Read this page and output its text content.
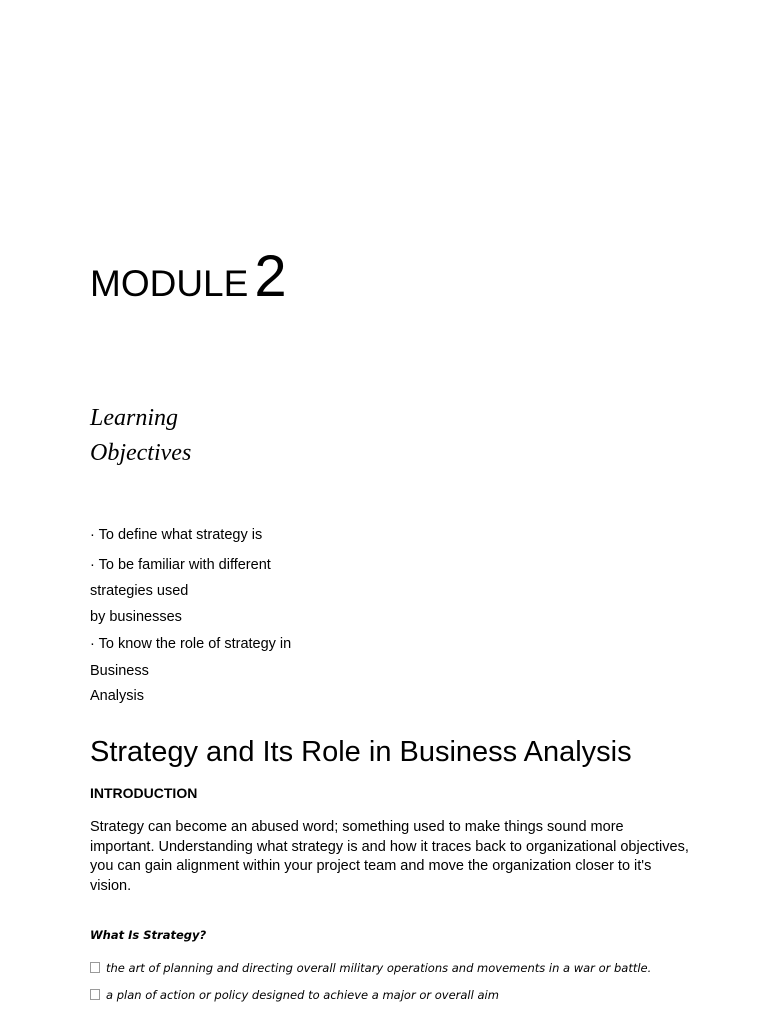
MODULE 2
Learning
Objectives
· To define what strategy is
· To be familiar with different
strategies used
by businesses
· To know the role of strategy in
Business
Analysis
Strategy and Its Role in Business Analysis
INTRODUCTION
Strategy can become an abused word; something used to make things sound more important. Understanding what strategy is and how it traces back to organizational objectives, you can gain alignment within your project team and move the organization closer to it's vision.
What Is Strategy?
the art of planning and directing overall military operations and movements in a war or battle.
a plan of action or policy designed to achieve a major or overall aim
